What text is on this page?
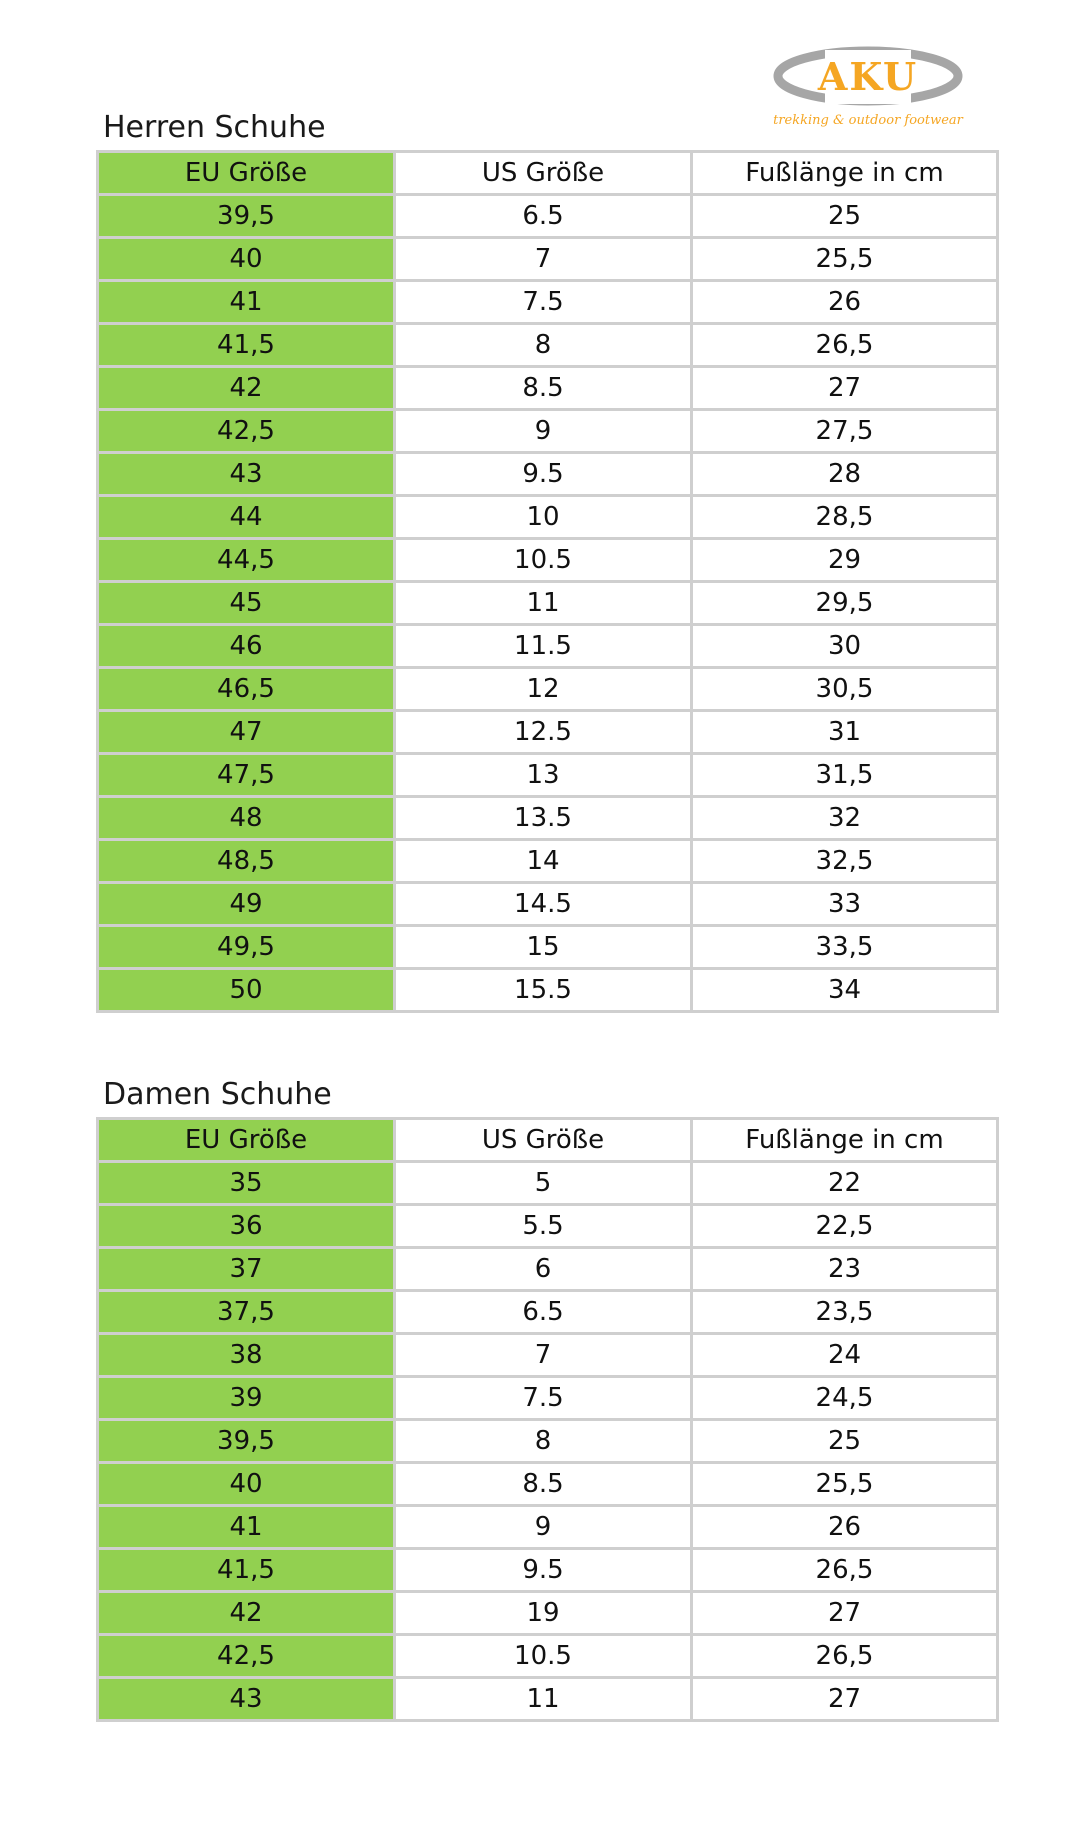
AKU
trekking & outdoor footwear
Herren Schuhe
EU Größe	US Größe	Fußlänge in cm
39,5	6.5	25
40	7	25,5
41	7.5	26
41,5	8	26,5
42	8.5	27
42,5	9	27,5
43	9.5	28
44	10	28,5
44,5	10.5	29
45	11	29,5
46	11.5	30
46,5	12	30,5
47	12.5	31
47,5	13	31,5
48	13.5	32
48,5	14	32,5
49	14.5	33
49,5	15	33,5
50	15.5	34
Damen Schuhe
EU Größe	US Größe	Fußlänge in cm
35	5	22
36	5.5	22,5
37	6	23
37,5	6.5	23,5
38	7	24
39	7.5	24,5
39,5	8	25
40	8.5	25,5
41	9	26
41,5	9.5	26,5
42	19	27
42,5	10.5	26,5
43	11	27
